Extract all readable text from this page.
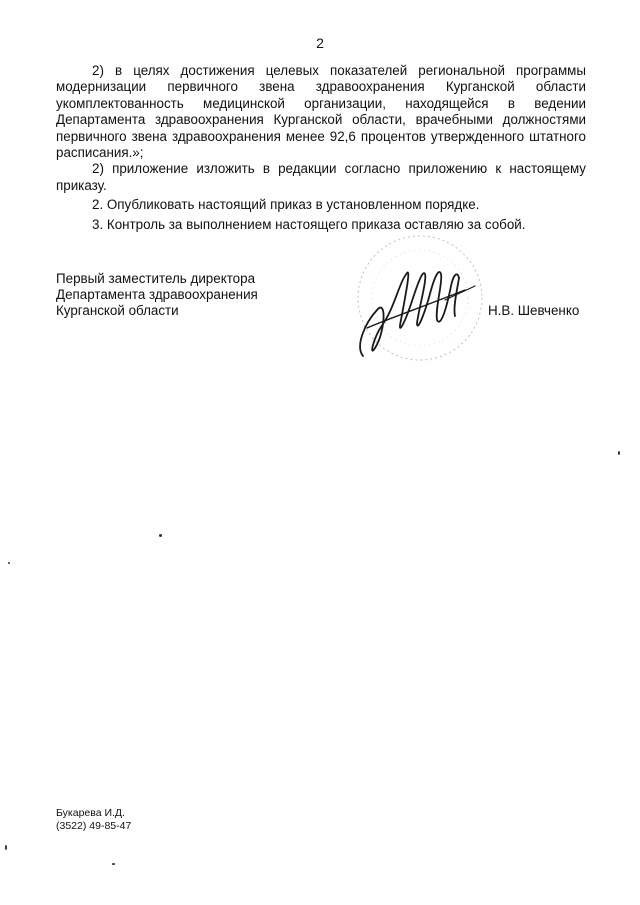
2

2) в целях достижения целевых показателей региональной программы модернизации первичного звена здравоохранения Курганской области укомплектованность медицинской организации, находящейся в ведении Департамента здравоохранения Курганской области, врачебными должностями первичного звена здравоохранения менее 92,6 процентов утвержденного штатного расписания.»;

2) приложение изложить в редакции согласно приложению к настоящему приказу.

2. Опубликовать настоящий приказ в установленном порядке.

3. Контроль за выполнением настоящего приказа оставляю за собой.

Первый заместитель директора
Департамента здравоохранения
Курганской области	Н.В. Шевченко
Букарева И.Д.
(3522) 49-85-47
